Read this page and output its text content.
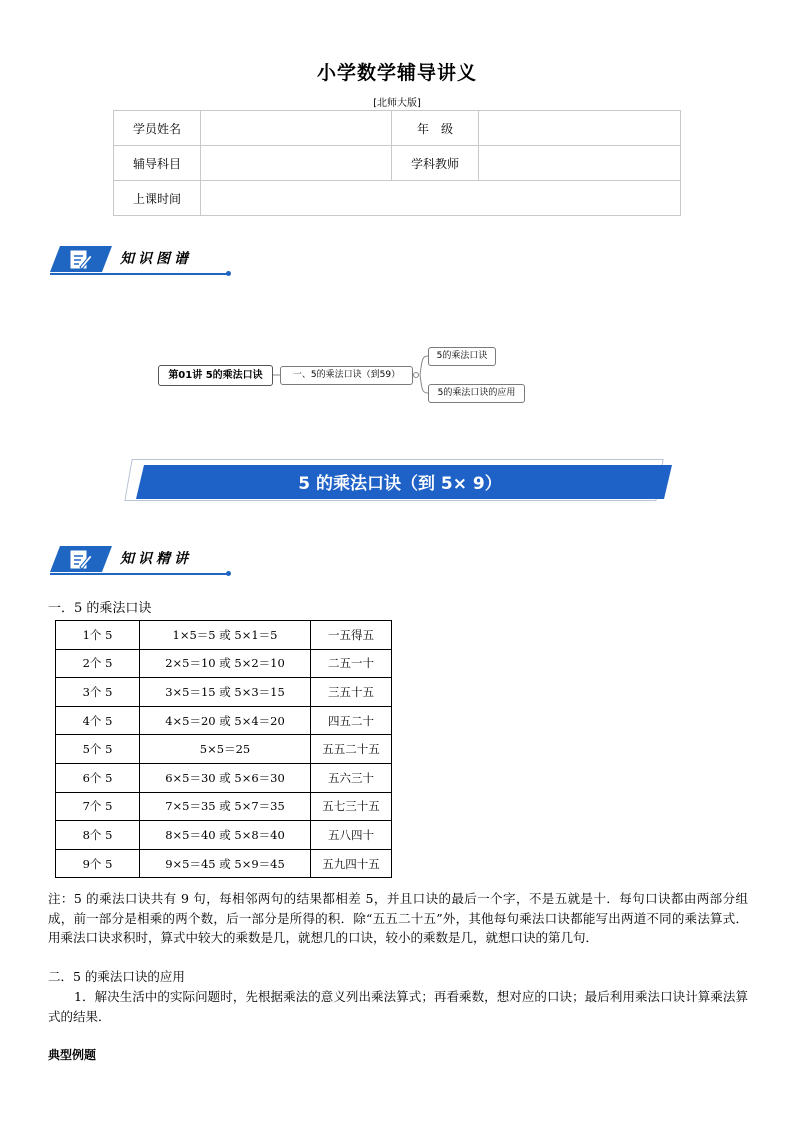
小学数学辅导讲义
[北师大版]
学员姓名		年　级	
辅导科目		学科教师	
上课时间			
知识图谱
第01讲 5的乘法口诀	一、5的乘法口诀（到59）
5的乘法口诀
5的乘法口诀的应用
5 的乘法口诀（到 5× 9）
知识精讲
一．5 的乘法口诀
1个 5	1×5＝5 或 5×1＝5	一五得五
2个 5	2×5＝10 或 5×2＝10	二五一十
3个 5	3×5＝15 或 5×3＝15	三五十五
4个 5	4×5＝20 或 5×4＝20	四五二十
5个 5	5×5＝25	五五二十五
6个 5	6×5＝30 或 5×6＝30	五六三十
7个 5	7×5＝35 或 5×7＝35	五七三十五
8个 5	8×5＝40 或 5×8＝40	五八四十
9个 5	9×5＝45 或 5×9＝45	五九四十五
注：5 的乘法口诀共有 9 句，每相邻两句的结果都相差 5，并且口诀的最后一个字，不是五就是十．每句口诀都由两部分组成，前一部分是相乘的两个数，后一部分是所得的积．除“五五二十五”外，其他每句乘法口诀都能写出两道不同的乘法算式．用乘法口诀求积时，算式中较大的乘数是几，就想几的口诀，较小的乘数是几，就想口诀的第几句．
二．5 的乘法口诀的应用
1．解决生活中的实际问题时，先根据乘法的意义列出乘法算式；再看乘数，想对应的口诀；最后利用乘法口诀计算乘法算式的结果．
典型例题
